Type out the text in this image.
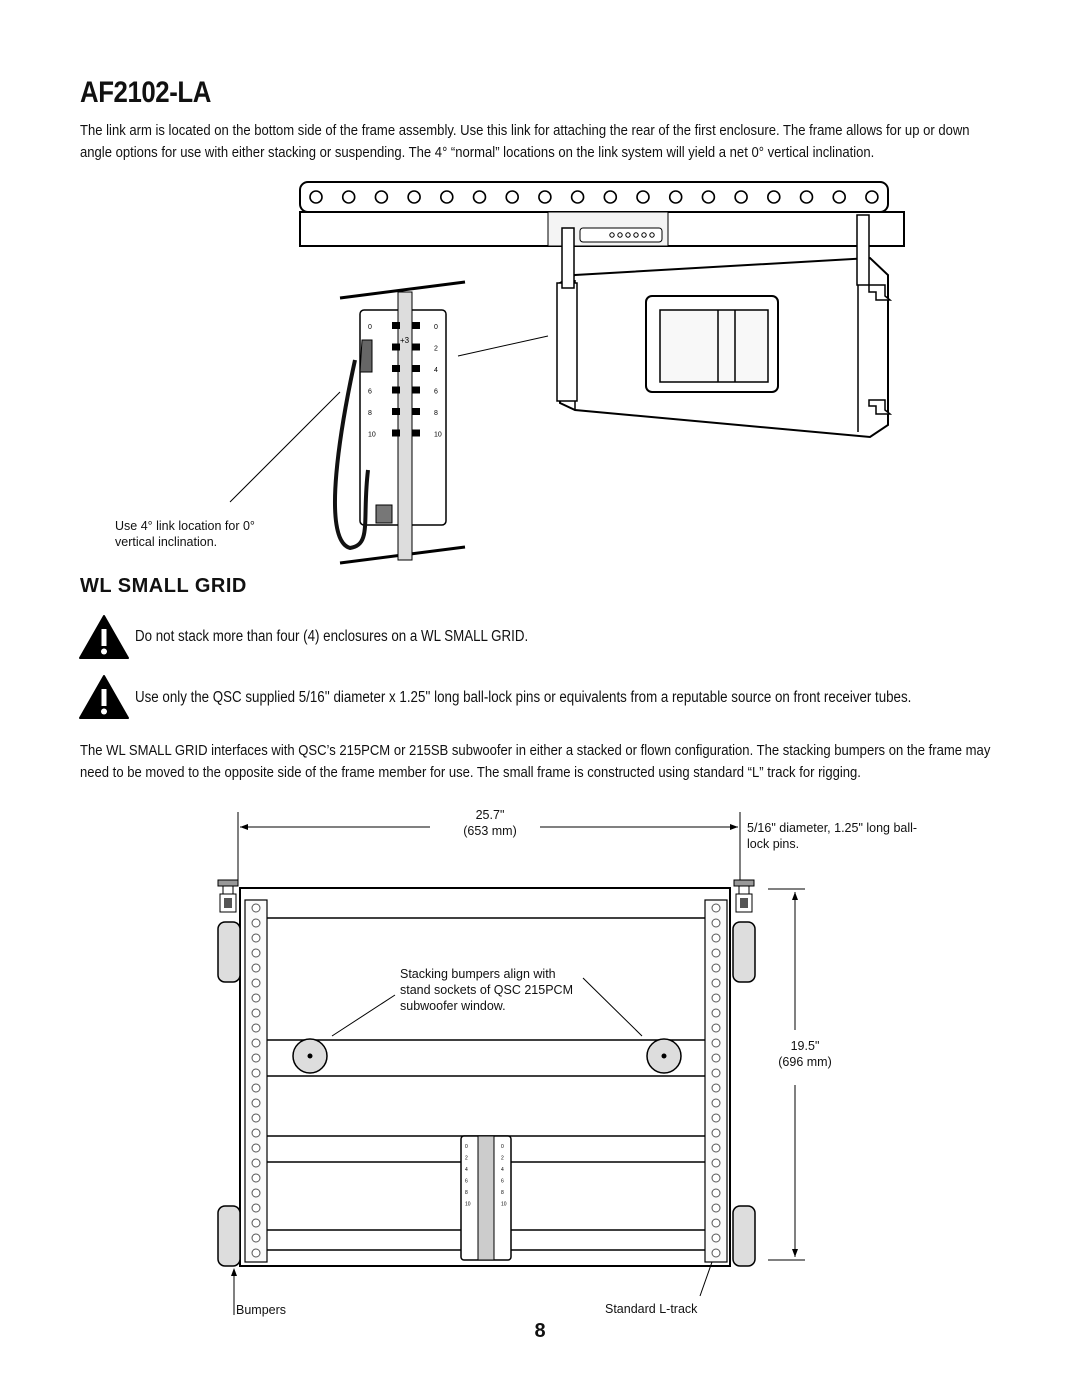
AF2102-LA
The link arm is located on the bottom side of the frame assembly. Use this link for attaching the rear of the first enclosure. The frame allows for up or down angle options for use with either stacking or suspending. The 4° “normal” locations on the link system will yield a net 0° vertical inclination.
0	0
2
4
6	6
8	8
10	10
+3
Use 4° link location for 0° vertical inclination.
WL SMALL GRID
Do not stack more than four (4) enclosures on a WL SMALL GRID.
Use only the QSC supplied 5/16'' diameter x 1.25'' long ball-lock pins or equivalents from a reputable source on front receiver tubes.
The WL SMALL GRID interfaces with QSC’s 215PCM or 215SB subwoofer in either a stacked or flown configuration. The stacking bumpers on the frame may need to be moved to the opposite side of the frame member for use. The small frame is constructed using standard “L” track for rigging.
0	0
2	2
4	4
6	6
8	8
10	10
25.7"
(653 mm)	5/16" diameter, 1.25" long ball-lock pins.
Stacking bumpers align with stand sockets of QSC 215PCM subwoofer window.
19.5"
(696 mm)
Bumpers	Standard L-track
8
